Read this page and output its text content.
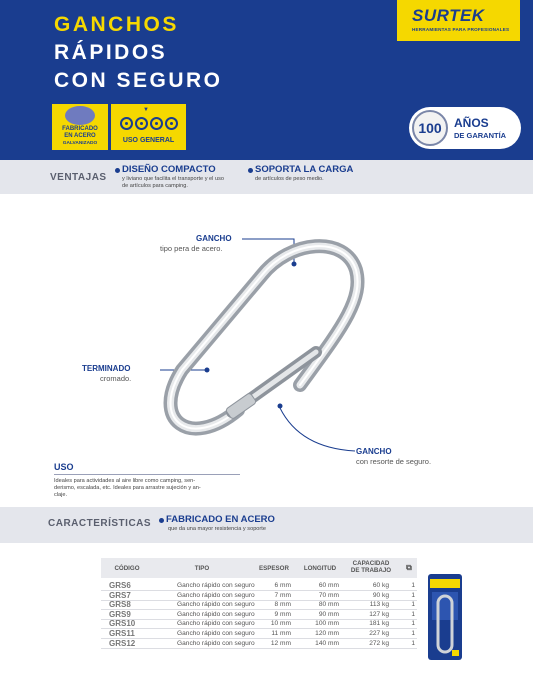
GANCHOS
RÁPIDOS
CON SEGURO
SURTEK
HERRAMIENTAS PARA PROFESIONALES
FABRICADO
EN ACERO
GALVANIZADO
▼
USO GENERAL
100	AÑOS
DE GARANTÍA
VENTAJAS
DISEÑO COMPACTO
y liviano que facilita el transporte y el uso
de artículos para camping.
SOPORTA LA CARGA
de artículos de peso medio.
GANCHO
tipo pera de acero.
TERMINADO
cromado.
GANCHO
con resorte de seguro.
USO
Ideales para actividades al aire libre como camping, sen-
derismo, escalada, etc. Ideales para arrastre sujeción y an-
claje.
CARACTERÍSTICAS FABRICADO EN ACERO
que da una mayor resistencia y soporte
CÓDIGO	TIPO	ESPESOR	LONGITUD
CAPACIDAD
DE TRABAJO	⧉
GRS6	Gancho rápido con seguro	6 mm	60 mm	60 kg	1
GRS7	Gancho rápido con seguro	7 mm	70 mm	90 kg	1
GRS8	Gancho rápido con seguro	8 mm	80 mm	113 kg	1
GRS9	Gancho rápido con seguro	9 mm	90 mm	127 kg	1
GRS10	Gancho rápido con seguro	10 mm	100 mm	181 kg	1
GRS11	Gancho rápido con seguro	11 mm	120 mm	227 kg	1
GRS12	Gancho rápido con seguro	12 mm	140 mm	272 kg	1
